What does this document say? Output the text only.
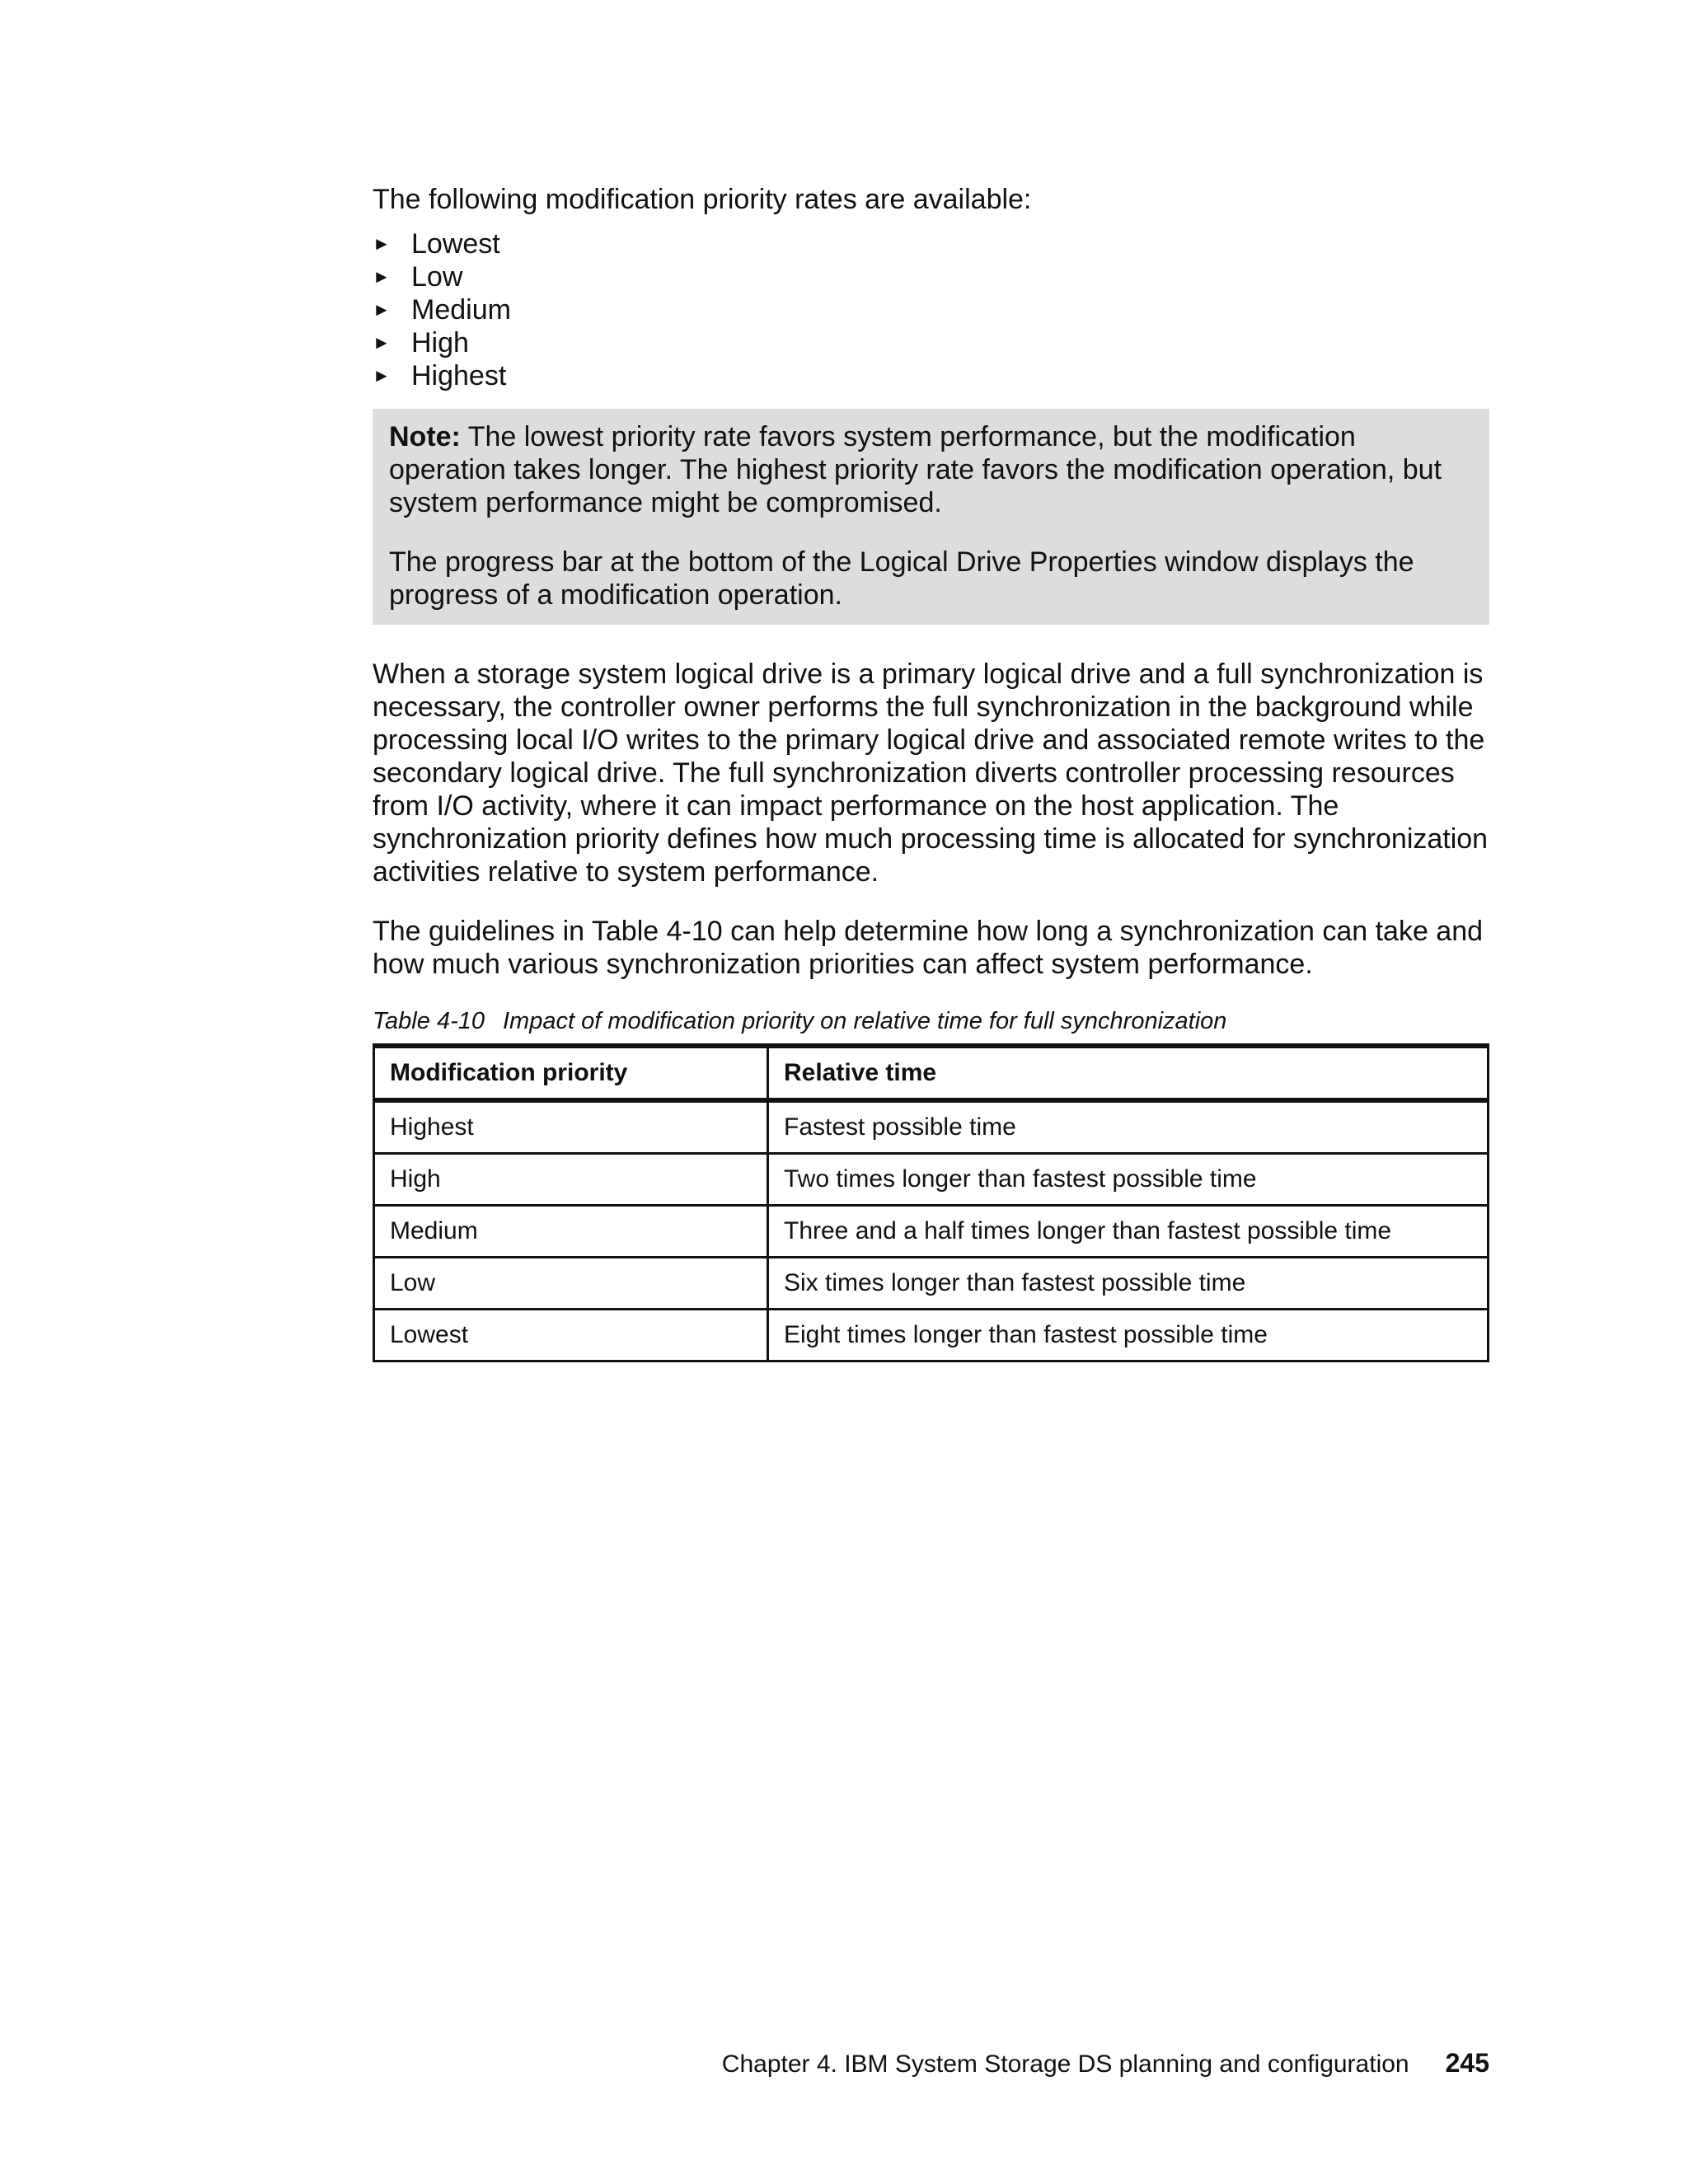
The following modification priority rates are available:

► Lowest
► Low
► Medium
► High
► Highest

Note: The lowest priority rate favors system performance, but the modification operation takes longer. The highest priority rate favors the modification operation, but system performance might be compromised.

The progress bar at the bottom of the Logical Drive Properties window displays the progress of a modification operation.

When a storage system logical drive is a primary logical drive and a full synchronization is necessary, the controller owner performs the full synchronization in the background while processing local I/O writes to the primary logical drive and associated remote writes to the secondary logical drive. The full synchronization diverts controller processing resources from I/O activity, where it can impact performance on the host application. The synchronization priority defines how much processing time is allocated for synchronization activities relative to system performance.

The guidelines in Table 4-10 can help determine how long a synchronization can take and how much various synchronization priorities can affect system performance.

Table 4-10 Impact of modification priority on relative time for full synchronization

Modification priority	Relative time
Highest	Fastest possible time
High	Two times longer than fastest possible time
Medium	Three and a half times longer than fastest possible time
Low	Six times longer than fastest possible time
Lowest	Eight times longer than fastest possible time
Chapter 4. IBM System Storage DS planning and configuration 245
